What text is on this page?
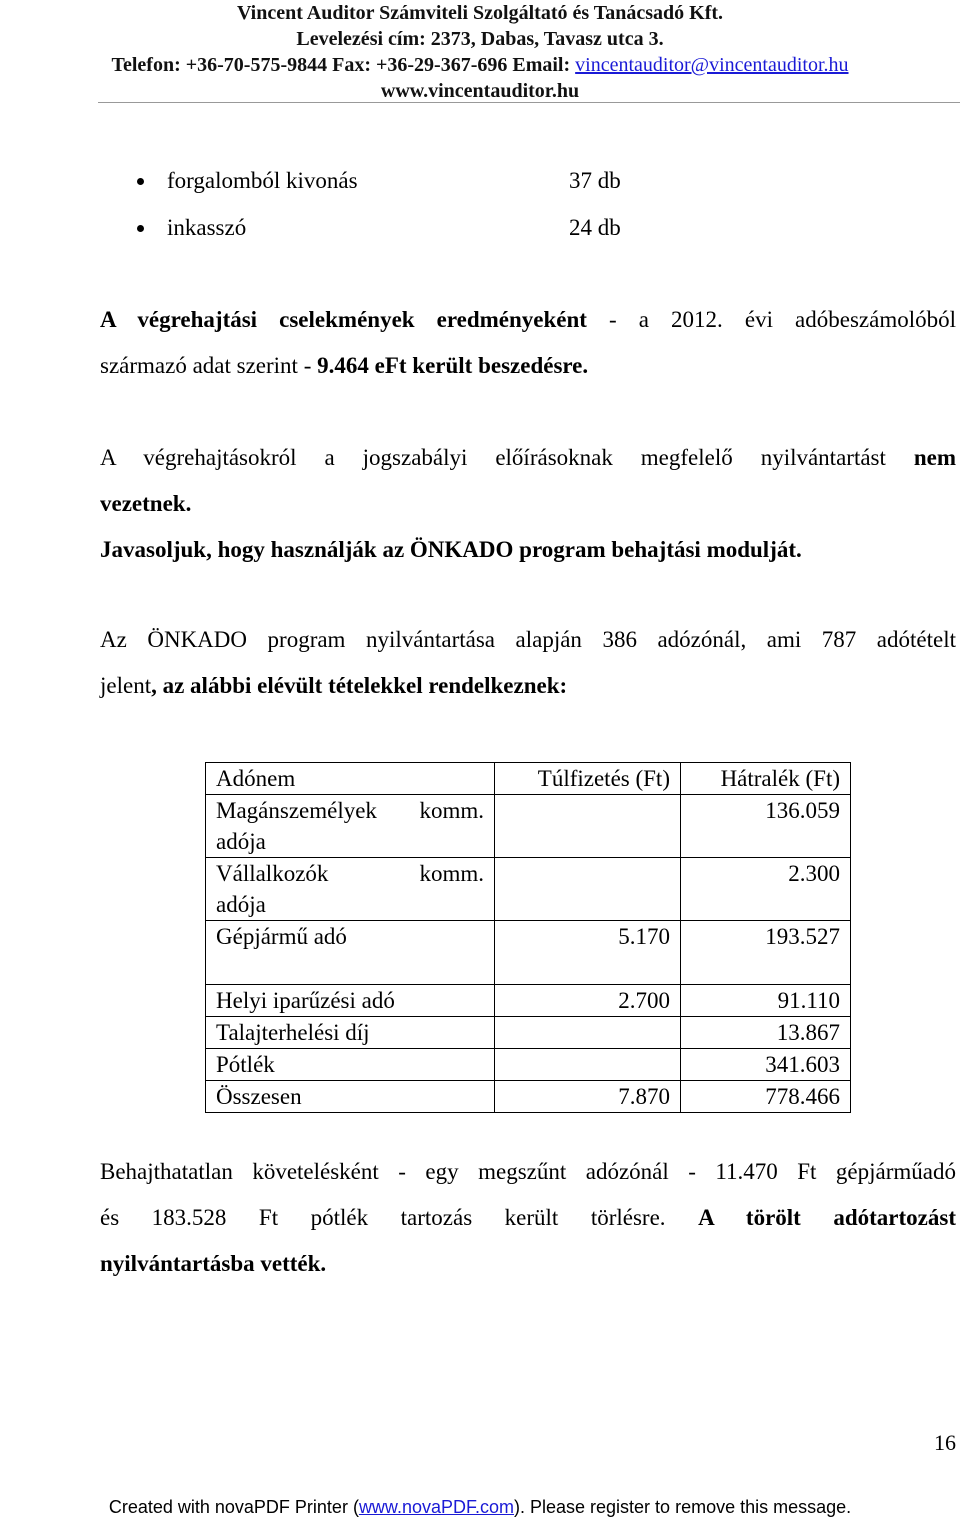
Vincent Auditor Számviteli Szolgáltató és Tanácsadó Kft.
Levelezési cím: 2373, Dabas, Tavasz utca 3.
Telefon: +36-70-575-9844 Fax: +36-29-367-696 Email: vincentauditor@vincentauditor.hu
www.vincentauditor.hu
forgalomból kivonás	37 db
inkasszó	24 db
A végrehajtási cselekmények eredményeként - a 2012. évi adóbeszámolóból
származó adat szerint - 9.464 eFt került beszedésre.
A végrehajtásokról a jogszabályi előírásoknak megfelelő nyilvántartást nem
vezetnek.
Javasoljuk, hogy használják az ÖNKADO program behajtási modulját.
Az ÖNKADO program nyilvántartása alapján 386 adózónál, ami 787 adótételt
jelent, az alábbi elévült tételekkel rendelkeznek:
Adónem	Túlfizetés (Ft)	Hátralék (Ft)

Magánszemélyek komm.
adója		136.059

Vállalkozók komm.
adója		2.300
Gépjármű adó	5.170	193.527
Helyi iparűzési adó	2.700	91.110
Talajterhelési díj		13.867
Pótlék		341.603
Összesen	7.870	778.466
Behajthatatlan követelésként - egy megszűnt adózónál - 11.470 Ft gépjárműadó
és 183.528 Ft pótlék tartozás került törlésre. A törölt adótartozást
nyilvántartásba vették.
16
Created with novaPDF Printer (www.novaPDF.com). Please register to remove this message.
